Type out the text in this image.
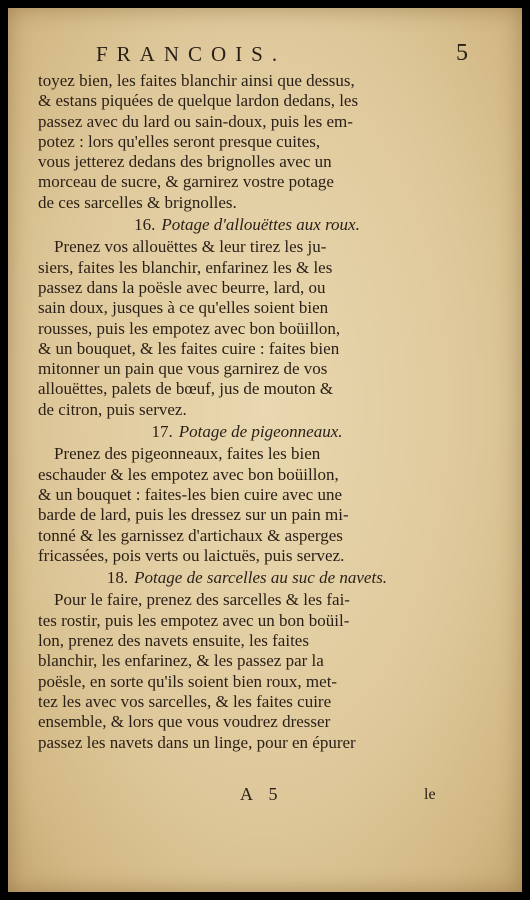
FRANCOIS.	5
toyez bien, les faites blanchir ainsi que dessus,
& estans piquées de quelque lardon dedans, les
passez avec du lard ou sain-doux, puis les em-
potez : lors qu'elles seront presque cuites,
vous jetterez dedans des brignolles avec un
morceau de sucre, & garnirez vostre potage
de ces sarcelles & brignolles.
16. Potage d'allouëttes aux roux.
Prenez vos allouëttes & leur tirez les ju-
siers, faites les blanchir, enfarinez les & les
passez dans la poësle avec beurre, lard, ou
sain doux, jusques à ce qu'elles soient bien
rousses, puis les empotez avec bon boüillon,
& un bouquet, & les faites cuire : faites bien
mitonner un pain que vous garnirez de vos
allouëttes, palets de bœuf, jus de mouton &
de citron, puis servez.
17. Potage de pigeonneaux.
Prenez des pigeonneaux, faites les bien
eschauder & les empotez avec bon boüillon,
& un bouquet : faites-les bien cuire avec une
barde de lard, puis les dressez sur un pain mi-
tonné & les garnissez d'artichaux & asperges
fricassées, pois verts ou laictuës, puis servez.
18. Potage de sarcelles au suc de navets.
Pour le faire, prenez des sarcelles & les fai-
tes rostir, puis les empotez avec un bon boüil-
lon, prenez des navets ensuite, les faites
blanchir, les enfarinez, & les passez par la
poësle, en sorte qu'ils soient bien roux, met-
tez les avec vos sarcelles, & les faites cuire
ensemble, & lors que vous voudrez dresser
passez les navets dans un linge, pour en épurer
A 5	le
